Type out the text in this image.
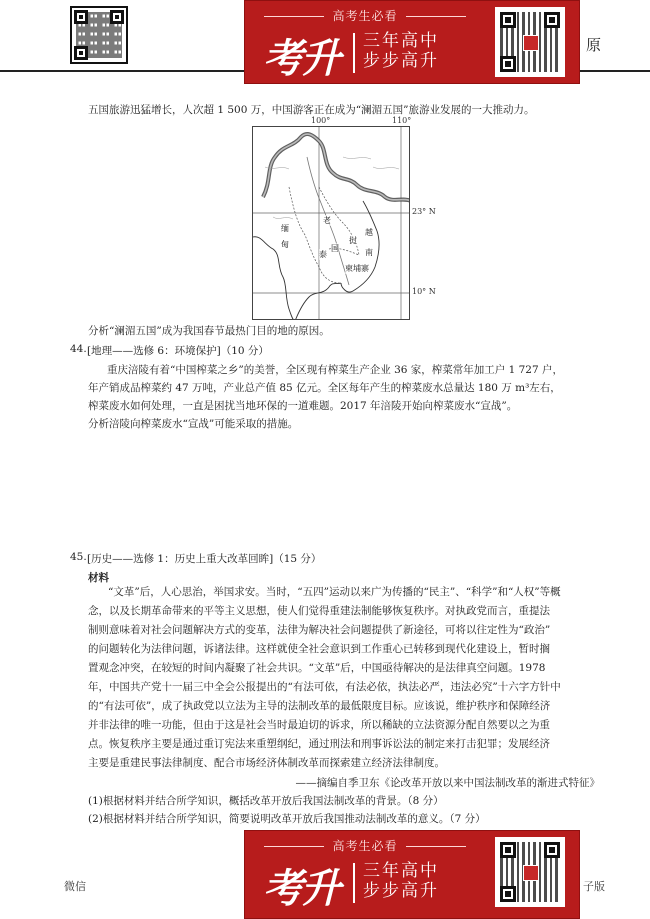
原
高考生必看
考升 三年高中
步步高升
2018 年春节假期，前境游首的地。 在过陆村为境旅游发布 澜湄五国 旅游报告显示，中国游客赴
五国旅游迅猛增长，人次超 1 500 万，中国游客正在成为“澜湄五国”旅游业发展的一大推动力。
缅
甸
老
挝
泰
国
越
南
柬埔寨
100°	110°
23° N
10° N
分析“澜湄五国”成为我国春节最热门目的地的原因。
44. [地理——选修 6：环境保护]（10 分）
重庆涪陵有着“中国榨菜之乡”的美誉，全区现有榨菜生产企业 36 家，榨菜常年加工户 1 727 户，
年产销成品榨菜约 47 万吨，产业总产值 85 亿元。全区每年产生的榨菜废水总量达 180 万 m³左右，
榨菜废水如何处理，一直是困扰当地环保的一道难题。2017 年涪陵开始向榨菜废水“宣战”。
分析涪陵向榨菜废水“宣战”可能采取的措施。
45. [历史——选修 1：历史上重大改革回眸]（15 分）
材料
“文革”后，人心思治，举国求安。当时，“五四”运动以来广为传播的“民主”、“科学”和“人权”等概
念，以及长期革命带来的平等主义思想，使人们觉得重建法制能够恢复秩序。对执政党而言，重提法
制则意味着对社会问题解决方式的变革，法律为解决社会问题提供了新途径，可将以往定性为“政治”
的问题转化为法律问题，诉诸法律。这样就使全社会意识到工作重心已转移到现代化建设上，暂时搁
置观念冲突，在较短的时间内凝聚了社会共识。“文革”后，中国亟待解决的是法律真空问题。1978
年，中国共产党十一届三中全会公报提出的“有法可依，有法必依，执法必严，违法必究”十六字方针中
的“有法可依”，成了执政党以立法为主导的法制改革的最低限度目标。应该说，维护秩序和保障经济
并非法律的唯一功能，但由于这是社会当时最迫切的诉求，所以稀缺的立法资源分配自然要以之为重
点。恢复秩序主要是通过重订宪法来重塑纲纪，通过刑法和刑事诉讼法的制定来打击犯罪；发展经济
主要是重建民事法律制度、配合市场经济体制改革而探索建立经济法律制度。
——摘编自季卫东《论改革开放以来中国法制改革的渐进式特征》
(1)根据材料并结合所学知识，概括改革开放后我国法制改革的背景。（8 分）
(2)根据材料并结合所学知识，简要说明改革开放后我国推动法制改革的意义。（7 分）
高考生必看
考升 三年高中
步步高升
微信	子版
